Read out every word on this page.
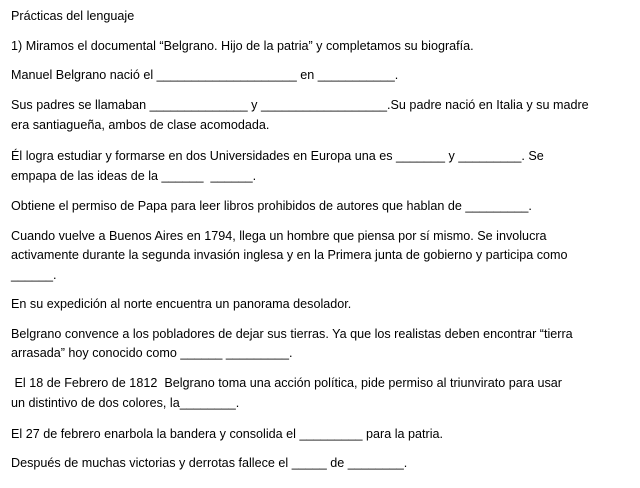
Prácticas del lenguaje
1) Miramos el documental “Belgrano. Hijo de la patria” y completamos su biografía.
Manuel Belgrano nació el ____________________ en ___________.
Sus padres se llamaban ______________ y __________________.Su padre nació en Italia y su madre
era santiagueña, ambos de clase acomodada.
Él logra estudiar y formarse en dos Universidades en Europa una es _______ y _________. Se
empapa de las ideas de la ______  ______.
Obtiene el permiso de Papa para leer libros prohibidos de autores que hablan de _________.
Cuando vuelve a Buenos Aires en 1794, llega un hombre que piensa por sí mismo. Se involucra
activamente durante la segunda invasión inglesa y en la Primera junta de gobierno y participa como
______.
En su expedición al norte encuentra un panorama desolador.
Belgrano convence a los pobladores de dejar sus tierras. Ya que los realistas deben encontrar “tierra
arrasada” hoy conocido como ______ _________.
El 18 de Febrero de 1812  Belgrano toma una acción política, pide permiso al triunvirato para usar
un distintivo de dos colores, la________.
El 27 de febrero enarbola la bandera y consolida el _________ para la patria.
Después de muchas victorias y derrotas fallece el _____ de ________.
